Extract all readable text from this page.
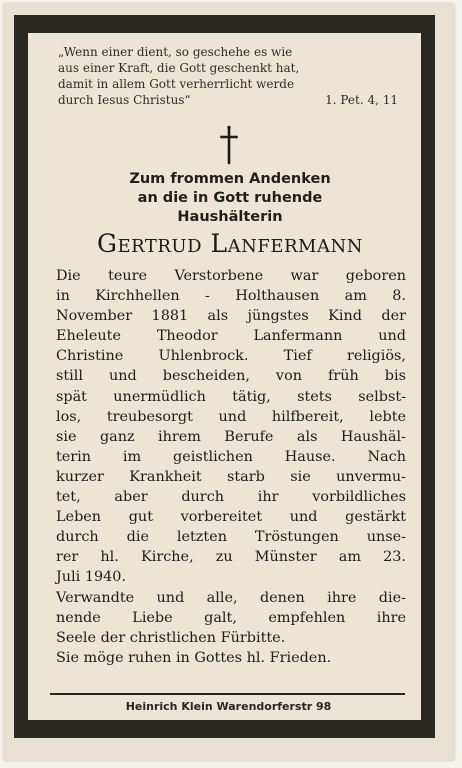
„Wenn einer dient, so geschehe es wie
aus einer Kraft, die Gott geschenkt hat,
damit in allem Gott verherrlicht werde
durch Iesus Christus“	1. Pet. 4, 11
Zum frommen Andenken
an die in Gott ruhende
Haushälterin
Gertrud Lanfermann
Die teure Verstorbene war geboren
in Kirchhellen - Holthausen am 8.
November 1881 als jüngstes Kind der
Eheleute Theodor Lanfermann und
Christine Uhlenbrock. Tief religiös,
still und bescheiden, von früh bis
spät unermüdlich tätig, stets selbst-
los, treubesorgt und hilfbereit, lebte
sie ganz ihrem Berufe als Haushäl-
terin im geistlichen Hause. Nach
kurzer Krankheit starb sie unvermu-
tet, aber durch ihr vorbildliches
Leben gut vorbereitet und gestärkt
durch die letzten Tröstungen unse-
rer hl. Kirche, zu Münster am 23.
Juli 1940.
Verwandte und alle, denen ihre die-
nende Liebe galt, empfehlen ihre
Seele der christlichen Fürbitte.
Sie möge ruhen in Gottes hl. Frieden.
Heinrich Klein Warendorferstr 98
